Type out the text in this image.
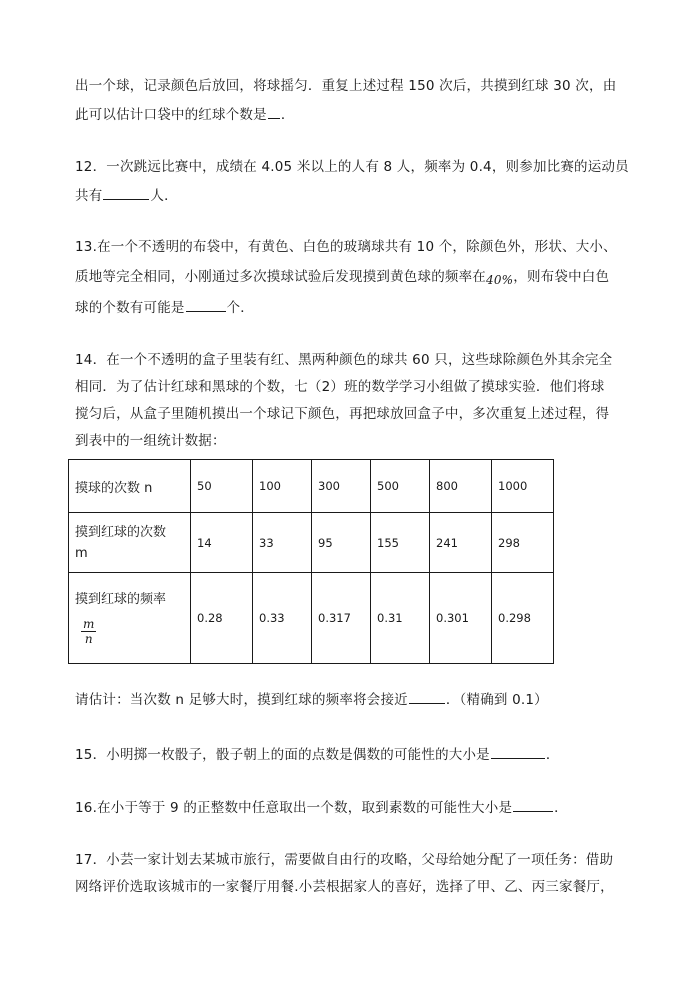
出一个球，记录颜色后放回，将球摇匀．重复上述过程 150 次后，共摸到红球 30 次，由
此可以估计口袋中的红球个数是 ．
12．一次跳远比赛中，成绩在 4.05 米以上的人有 8 人，频率为 0.4，则参加比赛的运动员
共有	人．
13.在一个不透明的布袋中，有黄色、白色的玻璃球共有 10 个，除颜色外，形状、大小、
质地等完全相同，小刚通过多次摸球试验后发现摸到黄色球的频率在40%，则布袋中白色
球的个数有可能是	个．
14．在一个不透明的盒子里装有红、黑两种颜色的球共 60 只，这些球除颜色外其余完全
相同．为了估计红球和黑球的个数，七（2）班的数学学习小组做了摸球实验．他们将球
搅匀后，从盒子里随机摸出一个球记下颜色，再把球放回盒子中，多次重复上述过程，得
到表中的一组统计数据：
摸球的次数 n	50	100	300	500	800	1000

摸到红球的次数
m	14	33	95	155	241	298

摸到红球的频率
$\frac{m}{n}$	0.28	0.33	0.317	0.31	0.301	0.298
请估计：当次数 n 足够大时，摸到红球的频率将会接近	．（精确到 0.1）
15．小明掷一枚骰子，骰子朝上的面的点数是偶数的可能性的大小是	．
16.在小于等于 9 的正整数中任意取出一个数，取到素数的可能性大小是	．
17．小芸一家计划去某城市旅行，需要做自由行的攻略，父母给她分配了一项任务：借助
网络评价选取该城市的一家餐厅用餐.小芸根据家人的喜好，选择了甲、乙、丙三家餐厅，
